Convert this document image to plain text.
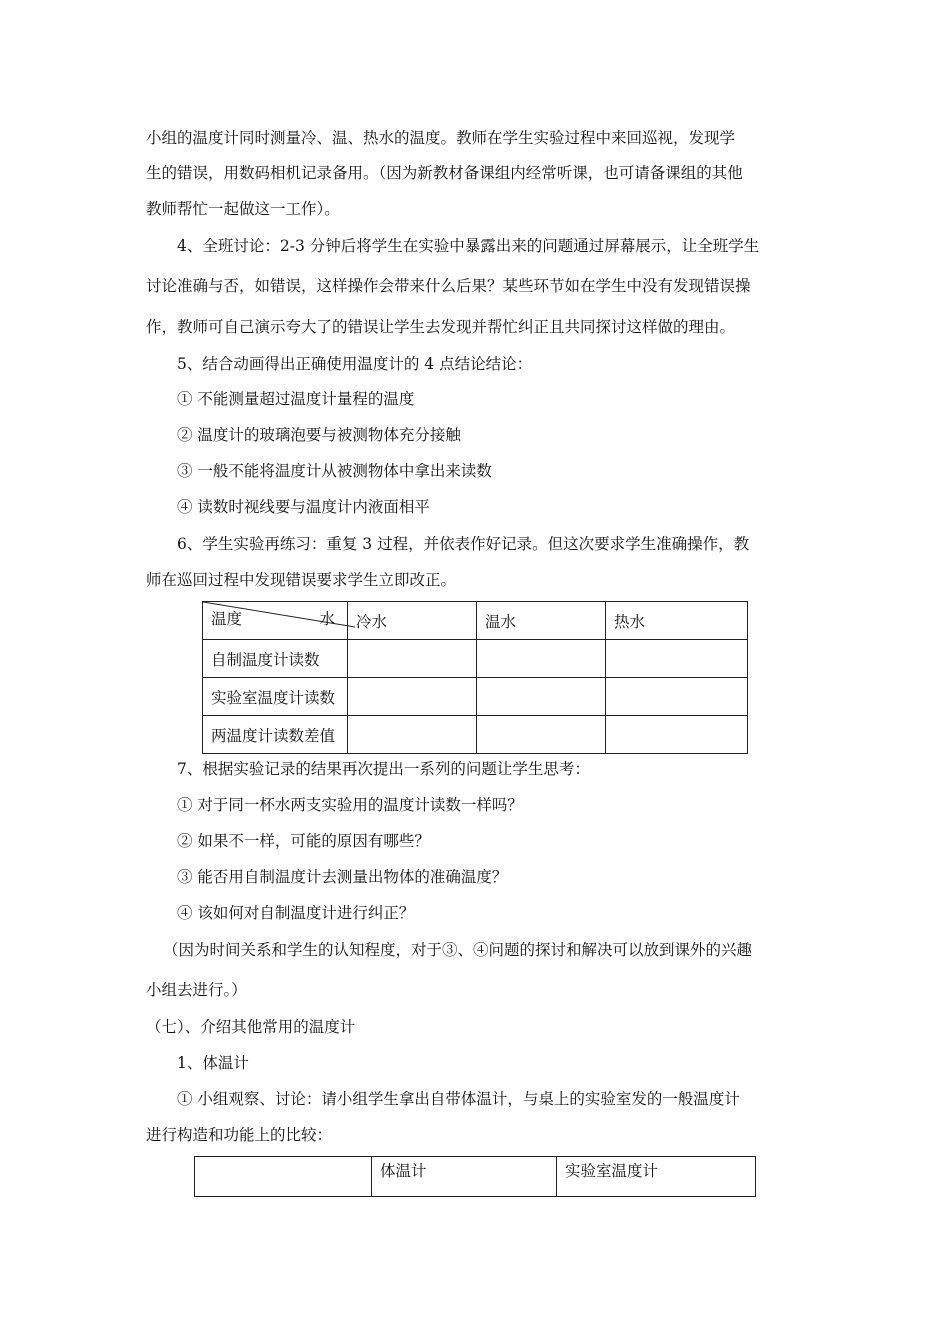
小组的温度计同时测量冷、温、热水的温度。教师在学生实验过程中来回巡视，发现学
生的错误，用数码相机记录备用。（因为新教材备课组内经常听课，也可请备课组的其他
教师帮忙一起做这一工作）。
4、全班讨论：2-3 分钟后将学生在实验中暴露出来的问题通过屏幕展示，让全班学生
讨论准确与否，如错误，这样操作会带来什么后果？某些环节如在学生中没有发现错误操
作，教师可自己演示夸大了的错误让学生去发现并帮忙纠正且共同探讨这样做的理由。
5、结合动画得出正确使用温度计的 4 点结论结论：
① 不能测量超过温度计量程的温度
② 温度计的玻璃泡要与被测物体充分接触
③ 一般不能将温度计从被测物体中拿出来读数
④ 读数时视线要与温度计内液面相平
6、学生实验再练习：重复 3 过程，并依表作好记录。但这次要求学生准确操作，教
师在巡回过程中发现错误要求学生立即改正。
温度 水	冷水	温水	热水
自制温度计读数			
实验室温度计读数			
两温度计读数差值			
7、根据实验记录的结果再次提出一系列的问题让学生思考：
① 对于同一杯水两支实验用的温度计读数一样吗？
② 如果不一样，可能的原因有哪些？
③ 能否用自制温度计去测量出物体的准确温度？
④ 该如何对自制温度计进行纠正？
（因为时间关系和学生的认知程度，对于③、④问题的探讨和解决可以放到课外的兴趣
小组去进行。）
（七）、介绍其他常用的温度计
1、体温计
① 小组观察、讨论：请小组学生拿出自带体温计，与桌上的实验室发的一般温度计
进行构造和功能上的比较：
	体温计	实验室温度计
